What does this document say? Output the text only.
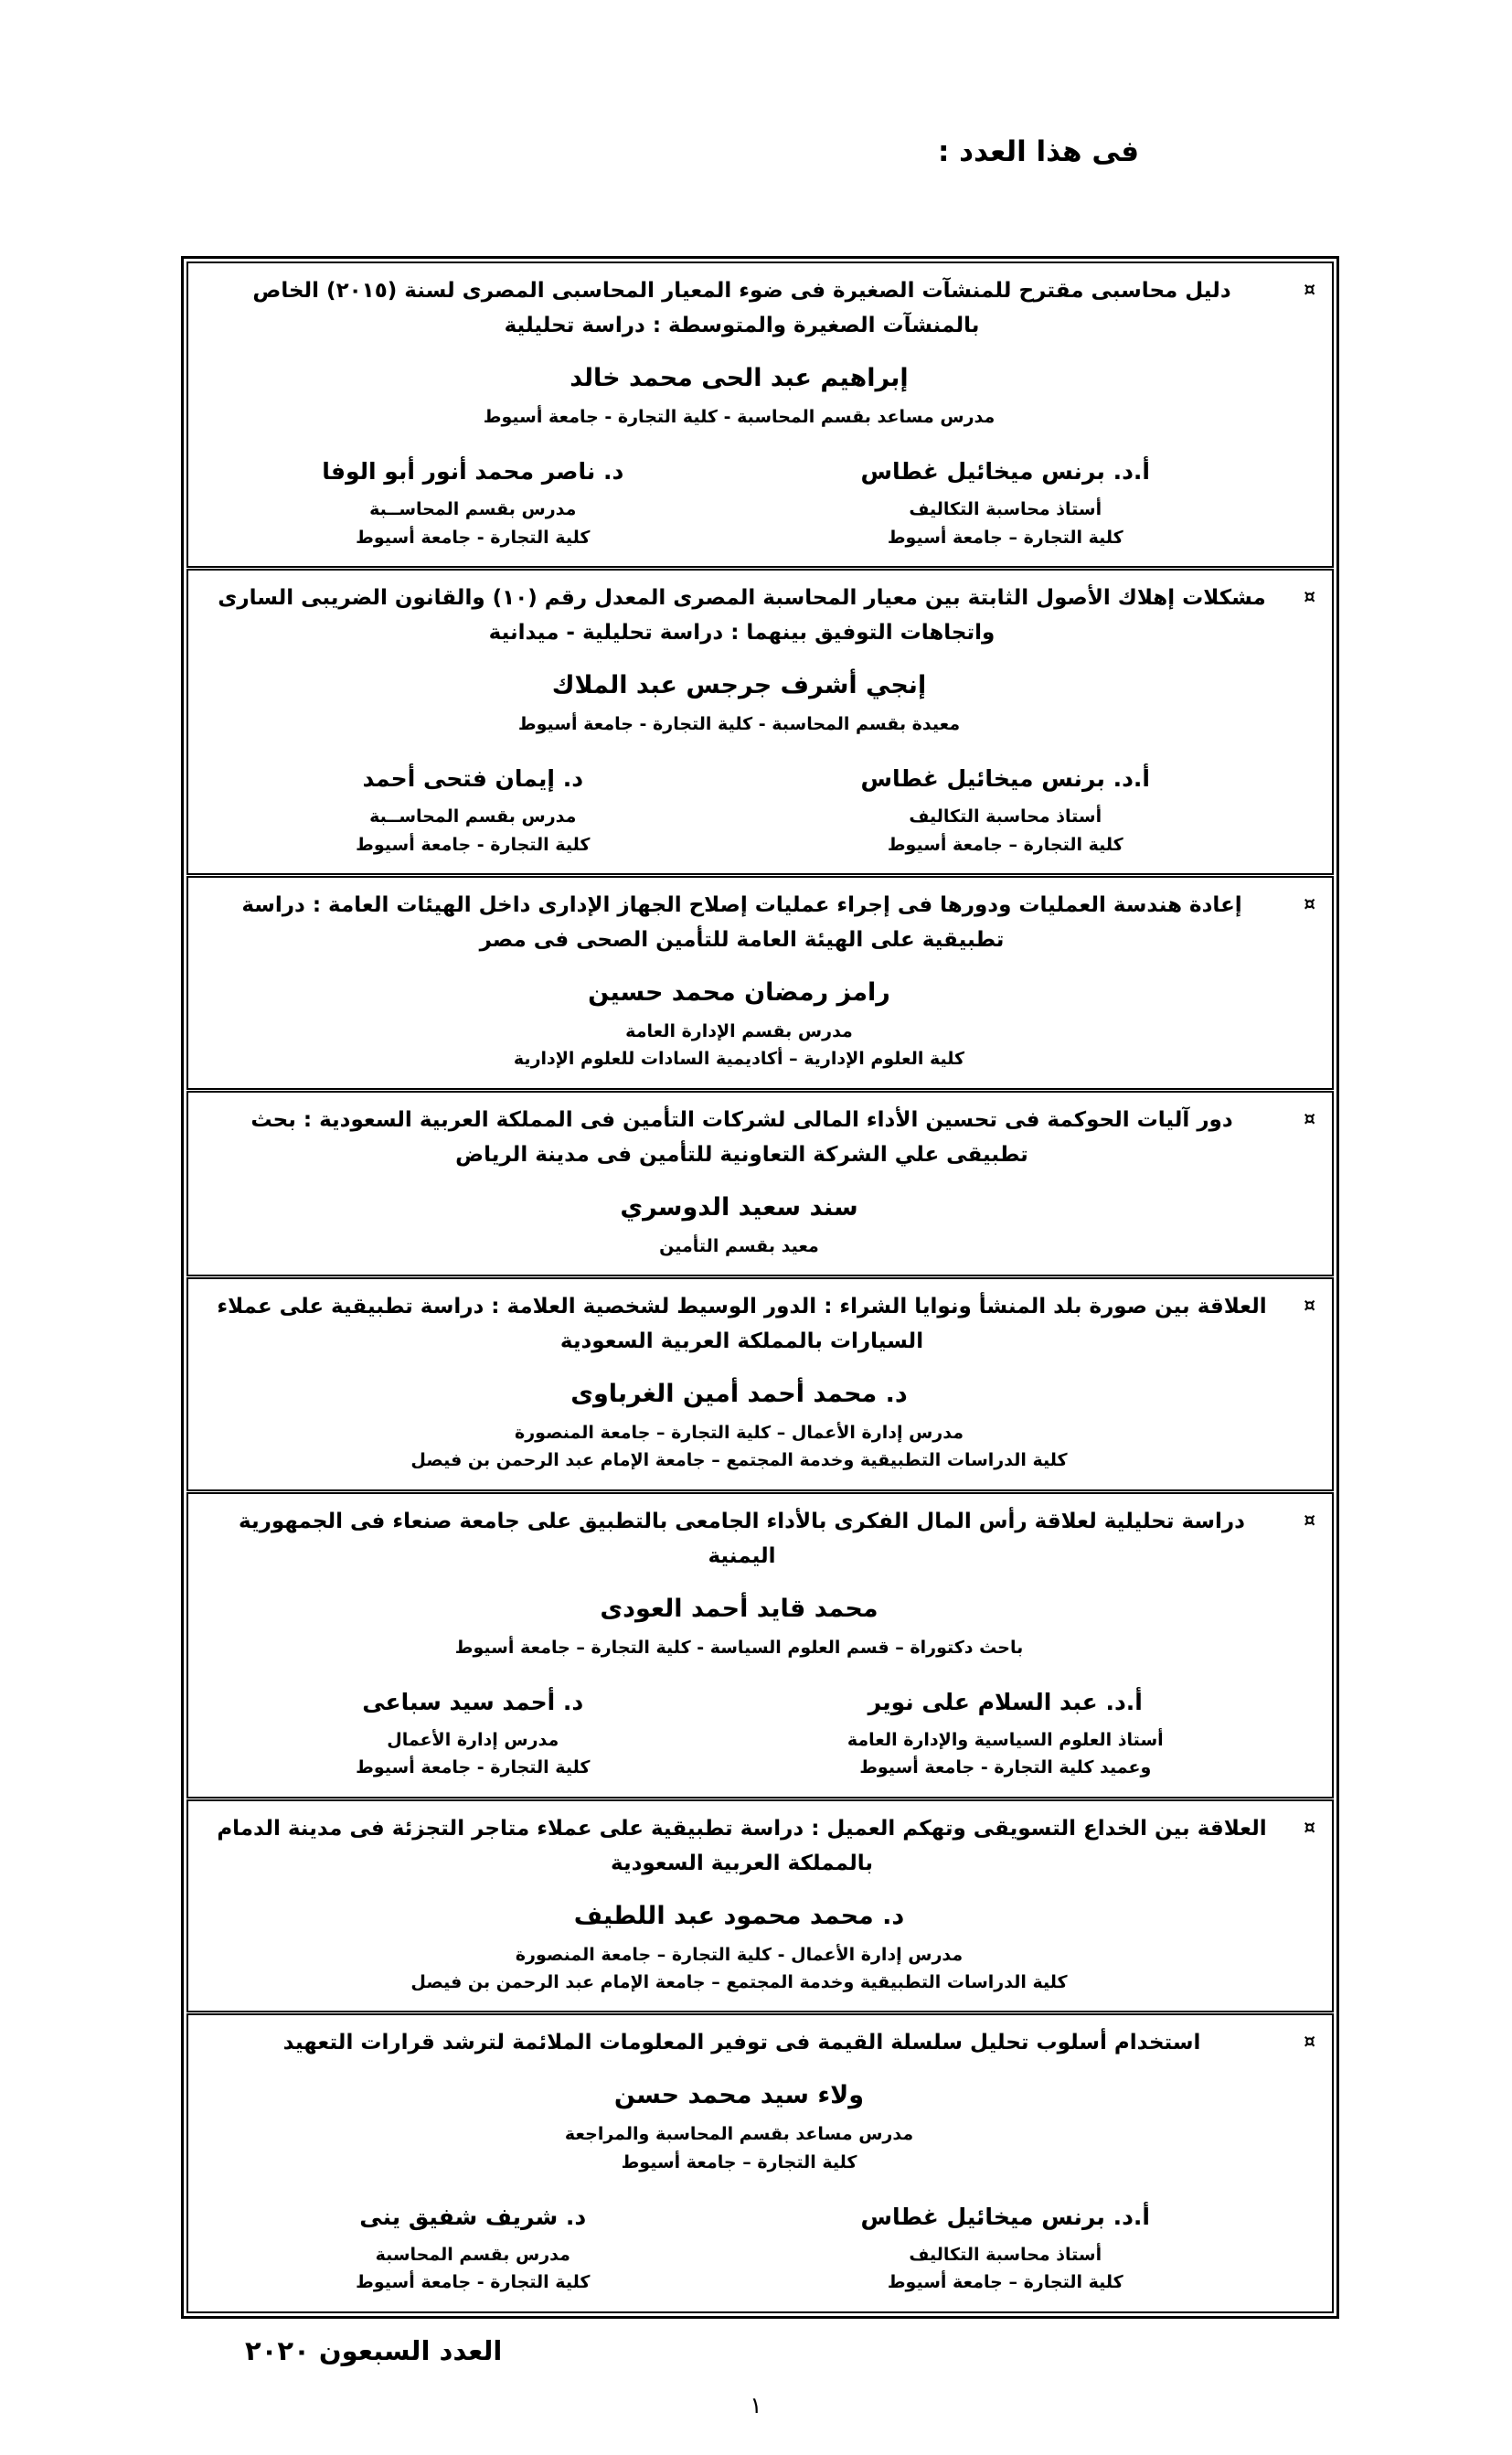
فى هذا العدد :
¤
دليل محاسبى مقترح للمنشآت الصغيرة فى ضوء المعيار المحاسبى المصرى لسنة (٢٠١٥) الخاص بالمنشآت الصغيرة والمتوسطة : دراسة تحليلية
إبراهيم عبد الحى محمد خالد
مدرس مساعد بقسم المحاسبة - كلية التجارة - جامعة أسيوط
أ.د. برنس ميخائيل غطاس
أستاذ محاسبة التكاليف
كلية التجارة – جامعة أسيوط
د. ناصر محمد أنور أبو الوفا
مدرس بقسم المحاســبة
كلية التجارة - جامعة أسيوط
¤
مشكلات إهلاك الأصول الثابتة بين معيار المحاسبة المصرى المعدل رقم (١٠) والقانون الضريبى السارى واتجاهات التوفيق بينهما : دراسة تحليلية - ميدانية
إنجي أشرف جرجس عبد الملاك
معيدة بقسم المحاسبة - كلية التجارة - جامعة أسيوط
أ.د. برنس ميخائيل غطاس
أستاذ محاسبة التكاليف
كلية التجارة – جامعة أسيوط
د. إيمان فتحى أحمد
مدرس بقسم المحاســبة
كلية التجارة - جامعة أسيوط
¤
إعادة هندسة العمليات ودورها فى إجراء عمليات إصلاح الجهاز الإدارى داخل الهيئات العامة : دراسة تطبيقية على الهيئة العامة للتأمين الصحى فى مصر
رامز رمضان محمد حسين
مدرس بقسم الإدارة العامة
كلية العلوم الإدارية – أكاديمية السادات للعلوم الإدارية
¤
دور آليات الحوكمة فى تحسين الأداء المالى لشركات التأمين فى المملكة العربية السعودية : بحث تطبيقى علي الشركة التعاونية للتأمين فى مدينة الرياض
سند سعيد الدوسري
معيد بقسم التأمين
¤
العلاقة بين صورة بلد المنشأ ونوايا الشراء : الدور الوسيط لشخصية العلامة : دراسة تطبيقية على عملاء السيارات بالمملكة العربية السعودية
د. محمد أحمد أمين الغرباوى
مدرس إدارة الأعمال – كلية التجارة – جامعة المنصورة
كلية الدراسات التطبيقية وخدمة المجتمع – جامعة الإمام عبد الرحمن بن فيصل
¤
دراسة تحليلية لعلاقة رأس المال الفكرى بالأداء الجامعى بالتطبيق على جامعة صنعاء فى الجمهورية اليمنية
محمد قايد أحمد العودى
باحث دكتوراة – قسم العلوم السياسة - كلية التجارة – جامعة أسيوط
أ.د. عبد السلام على نوير
أستاذ العلوم السياسية والإدارة العامة
وعميد كلية التجارة - جامعة أسيوط
د. أحمد سيد سباعى
مدرس إدارة الأعمال
كلية التجارة - جامعة أسيوط
¤
العلاقة بين الخداع التسويقى وتهكم العميل : دراسة تطبيقية على عملاء متاجر التجزئة فى مدينة الدمام بالمملكة العربية السعودية
د. محمد محمود عبد اللطيف
مدرس إدارة الأعمال - كلية التجارة – جامعة المنصورة
كلية الدراسات التطبيقية وخدمة المجتمع – جامعة الإمام عبد الرحمن بن فيصل
¤
استخدام أسلوب تحليل سلسلة القيمة فى توفير المعلومات الملائمة لترشد قرارات التعهيد
ولاء سيد محمد حسن
مدرس مساعد بقسم المحاسبة والمراجعة
كلية التجارة – جامعة أسيوط
أ.د. برنس ميخائيل غطاس
أستاذ محاسبة التكاليف
كلية التجارة – جامعة أسيوط
د. شريف شفيق ينى
مدرس بقسم المحاسبة
كلية التجارة - جامعة أسيوط
العدد السبعون ٢٠٢٠
١
